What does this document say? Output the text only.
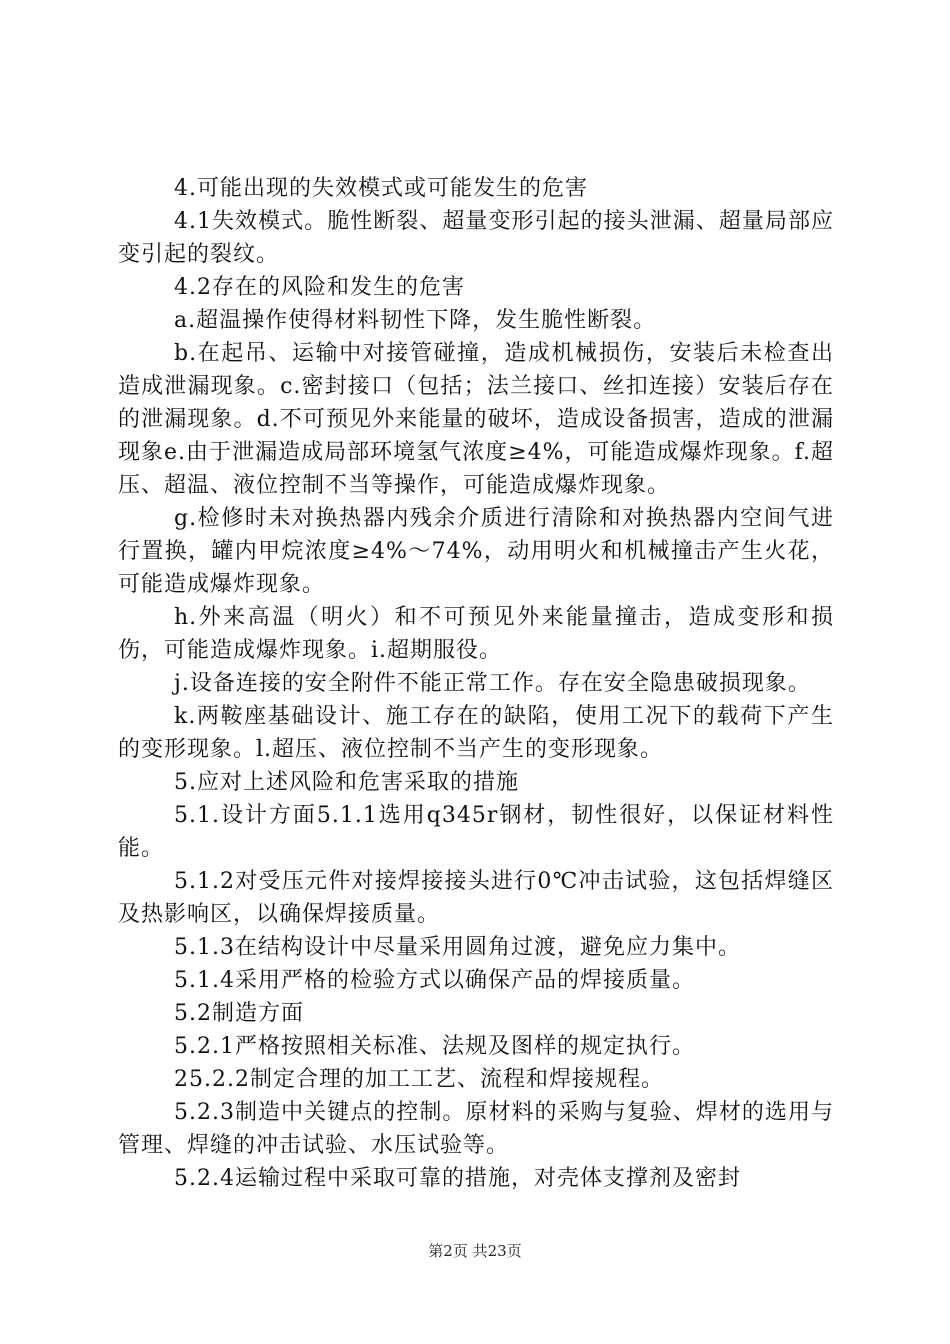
4.可能出现的失效模式或可能发生的危害

4.1失效模式。脆性断裂、超量变形引起的接头泄漏、超量局部应变引起的裂纹。

4.2存在的风险和发生的危害

a.超温操作使得材料韧性下降，发生脆性断裂。

b.在起吊、运输中对接管碰撞，造成机械损伤，安装后未检查出造成泄漏现象。c.密封接口（包括；法兰接口、丝扣连接）安装后存在的泄漏现象。d.不可预见外来能量的破坏，造成设备损害，造成的泄漏现象e.由于泄漏造成局部环境氢气浓度≥4%，可能造成爆炸现象。f.超压、超温、液位控制不当等操作，可能造成爆炸现象。

g.检修时未对换热器内残余介质进行清除和对换热器内空间气进行置换，罐内甲烷浓度≥4%～74%，动用明火和机械撞击产生火花，可能造成爆炸现象。

h.外来高温（明火）和不可预见外来能量撞击，造成变形和损伤，可能造成爆炸现象。i.超期服役。

j.设备连接的安全附件不能正常工作。存在安全隐患破损现象。

k.两鞍座基础设计、施工存在的缺陷，使用工况下的载荷下产生的变形现象。l.超压、液位控制不当产生的变形现象。

5.应对上述风险和危害采取的措施

5.1.设计方面5.1.1选用q345r钢材，韧性很好，以保证材料性能。

5.1.2对受压元件对接焊接接头进行0℃冲击试验，这包括焊缝区及热影响区，以确保焊接质量。

5.1.3在结构设计中尽量采用圆角过渡，避免应力集中。

5.1.4采用严格的检验方式以确保产品的焊接质量。

5.2制造方面

5.2.1严格按照相关标准、法规及图样的规定执行。

25.2.2制定合理的加工工艺、流程和焊接规程。

5.2.3制造中关键点的控制。原材料的采购与复验、焊材的选用与管理、焊缝的冲击试验、水压试验等。

5.2.4运输过程中采取可靠的措施，对壳体支撑剂及密封

第2页 共23页
